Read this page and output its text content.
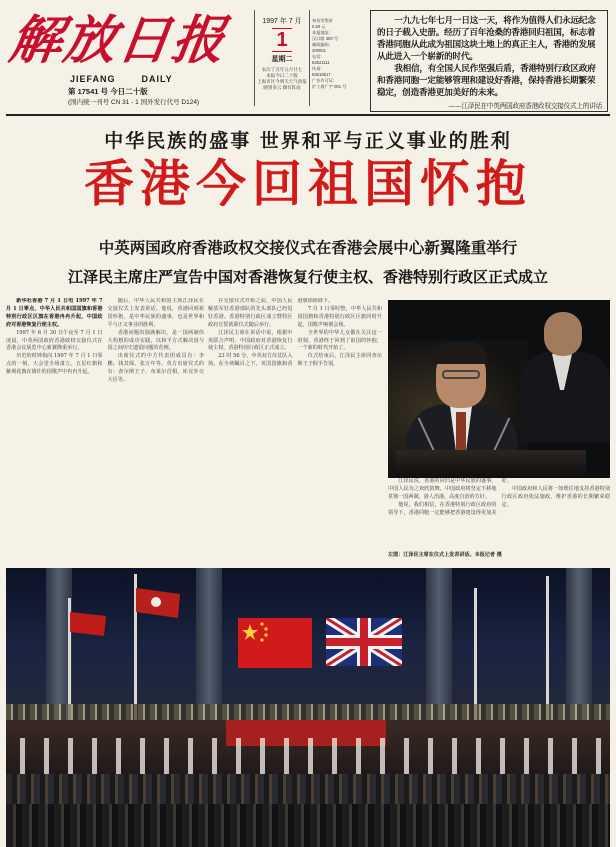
解放日报
JIEFANG	DAILY
第 17541 号 今日二十版
(国内统一刊号 CN 31 - 1 国外发行代号 D124)
1997 年 7 月
1
星期二
农历丁丑年五月廿七
本报今日二十版
上海市区今明天天气预报
晴到多云 偶有阵雨
每份零售价
0.50 元
本报地址:
汉口路 300 号
邮政编码:
200001
电话:
63521111
传真:
63516517
广告许可证:
沪工商广字 001 号

一九九七年七月一日这一天，将作为值得人们永远纪念的日子载入史册。经历了百年沧桑的香港回归祖国，标志着香港同胞从此成为祖国这块土地上的真正主人，香港的发展从此进入一个崭新的时代。

我相信，有全国人民作坚强后盾，香港特别行政区政府和香港同胞一定能够管理和建设好香港，保持香港长期繁荣稳定，创造香港更加美好的未来。

——江泽民在中英两国政府香港政权交接仪式上的讲话

中华民族的盛事 世界和平与正义事业的胜利
香港今回祖国怀抱
中英两国政府香港政权交接仪式在香港会展中心新翼隆重举行
江泽民主席庄严宣告中国对香港恢复行使主权、香港特别行政区正式成立

新华社香港 7 月 1 日电 1997 年 7 月 1 日零点，中华人民共和国国旗和香港特别行政区区旗在香港冉冉升起，中国政府对香港恢复行使主权。

1997 年 6 月 30 日午夜至 7 月 1 日凌晨，中英两国政府香港政权交接仪式在香港会议展览中心新翼隆重举行。

历史的时钟指向 1997 年 7 月 1 日零点的一刻，大会堂全场肃立。五星红旗和紫荆花旗在雄壮的国歌声中冉冉升起。

随后，中华人民共和国主席江泽民在交接仪式上发表讲话。他说，香港回到祖国怀抱，是中华民族的盛事，也是世界和平与正义事业的胜利。

香港问题的圆满解决，是一国两制伟大构想的成功实践，以和平方式解决国与国之间历史遗留问题的范例。

出席仪式的中方代表团成员有：李鹏、钱其琛、张万年等。英方出席仪式的有：查尔斯王子、布莱尔首相、库克外交大臣等。

在交接仪式开始之前，中国人民解放军驻香港部队的先头部队已经进驻香港。香港特别行政区成立暨特区政府宣誓就职仪式随后举行。

江泽民主席在讲话中说，根据中英联合声明，中国政府对香港恢复行使主权，香港特别行政区正式成立。

23 时 56 分，中英双方仪仗队入场。在全场瞩目之下，英国国旗和香港旗徐徐降下。

7 月 1 日零时整，中华人民共和国国旗和香港特别行政区区旗同时升起，国歌声响彻会场。

全世界的中华儿女都在关注这一时刻，香港终于回到了祖国的怀抱，一个新的时代开始了。

仪式结束后，江泽民主席同查尔斯王子握手告别。

江泽民说，香港的回归是中华民族的盛事，中国人民为之欢欣鼓舞。中国政府将坚定不移地贯彻一国两制、港人治港、高度自治的方针。

他说，我们相信，在香港特别行政区政府的领导下，香港同胞一定能够把香港建设得更加美好。

中国政府和人民将一如既往地支持香港特别行政区政府依法施政，维护香港的长期繁荣稳定。

左图：江泽民主席在仪式上发表讲话。本报记者 摄
